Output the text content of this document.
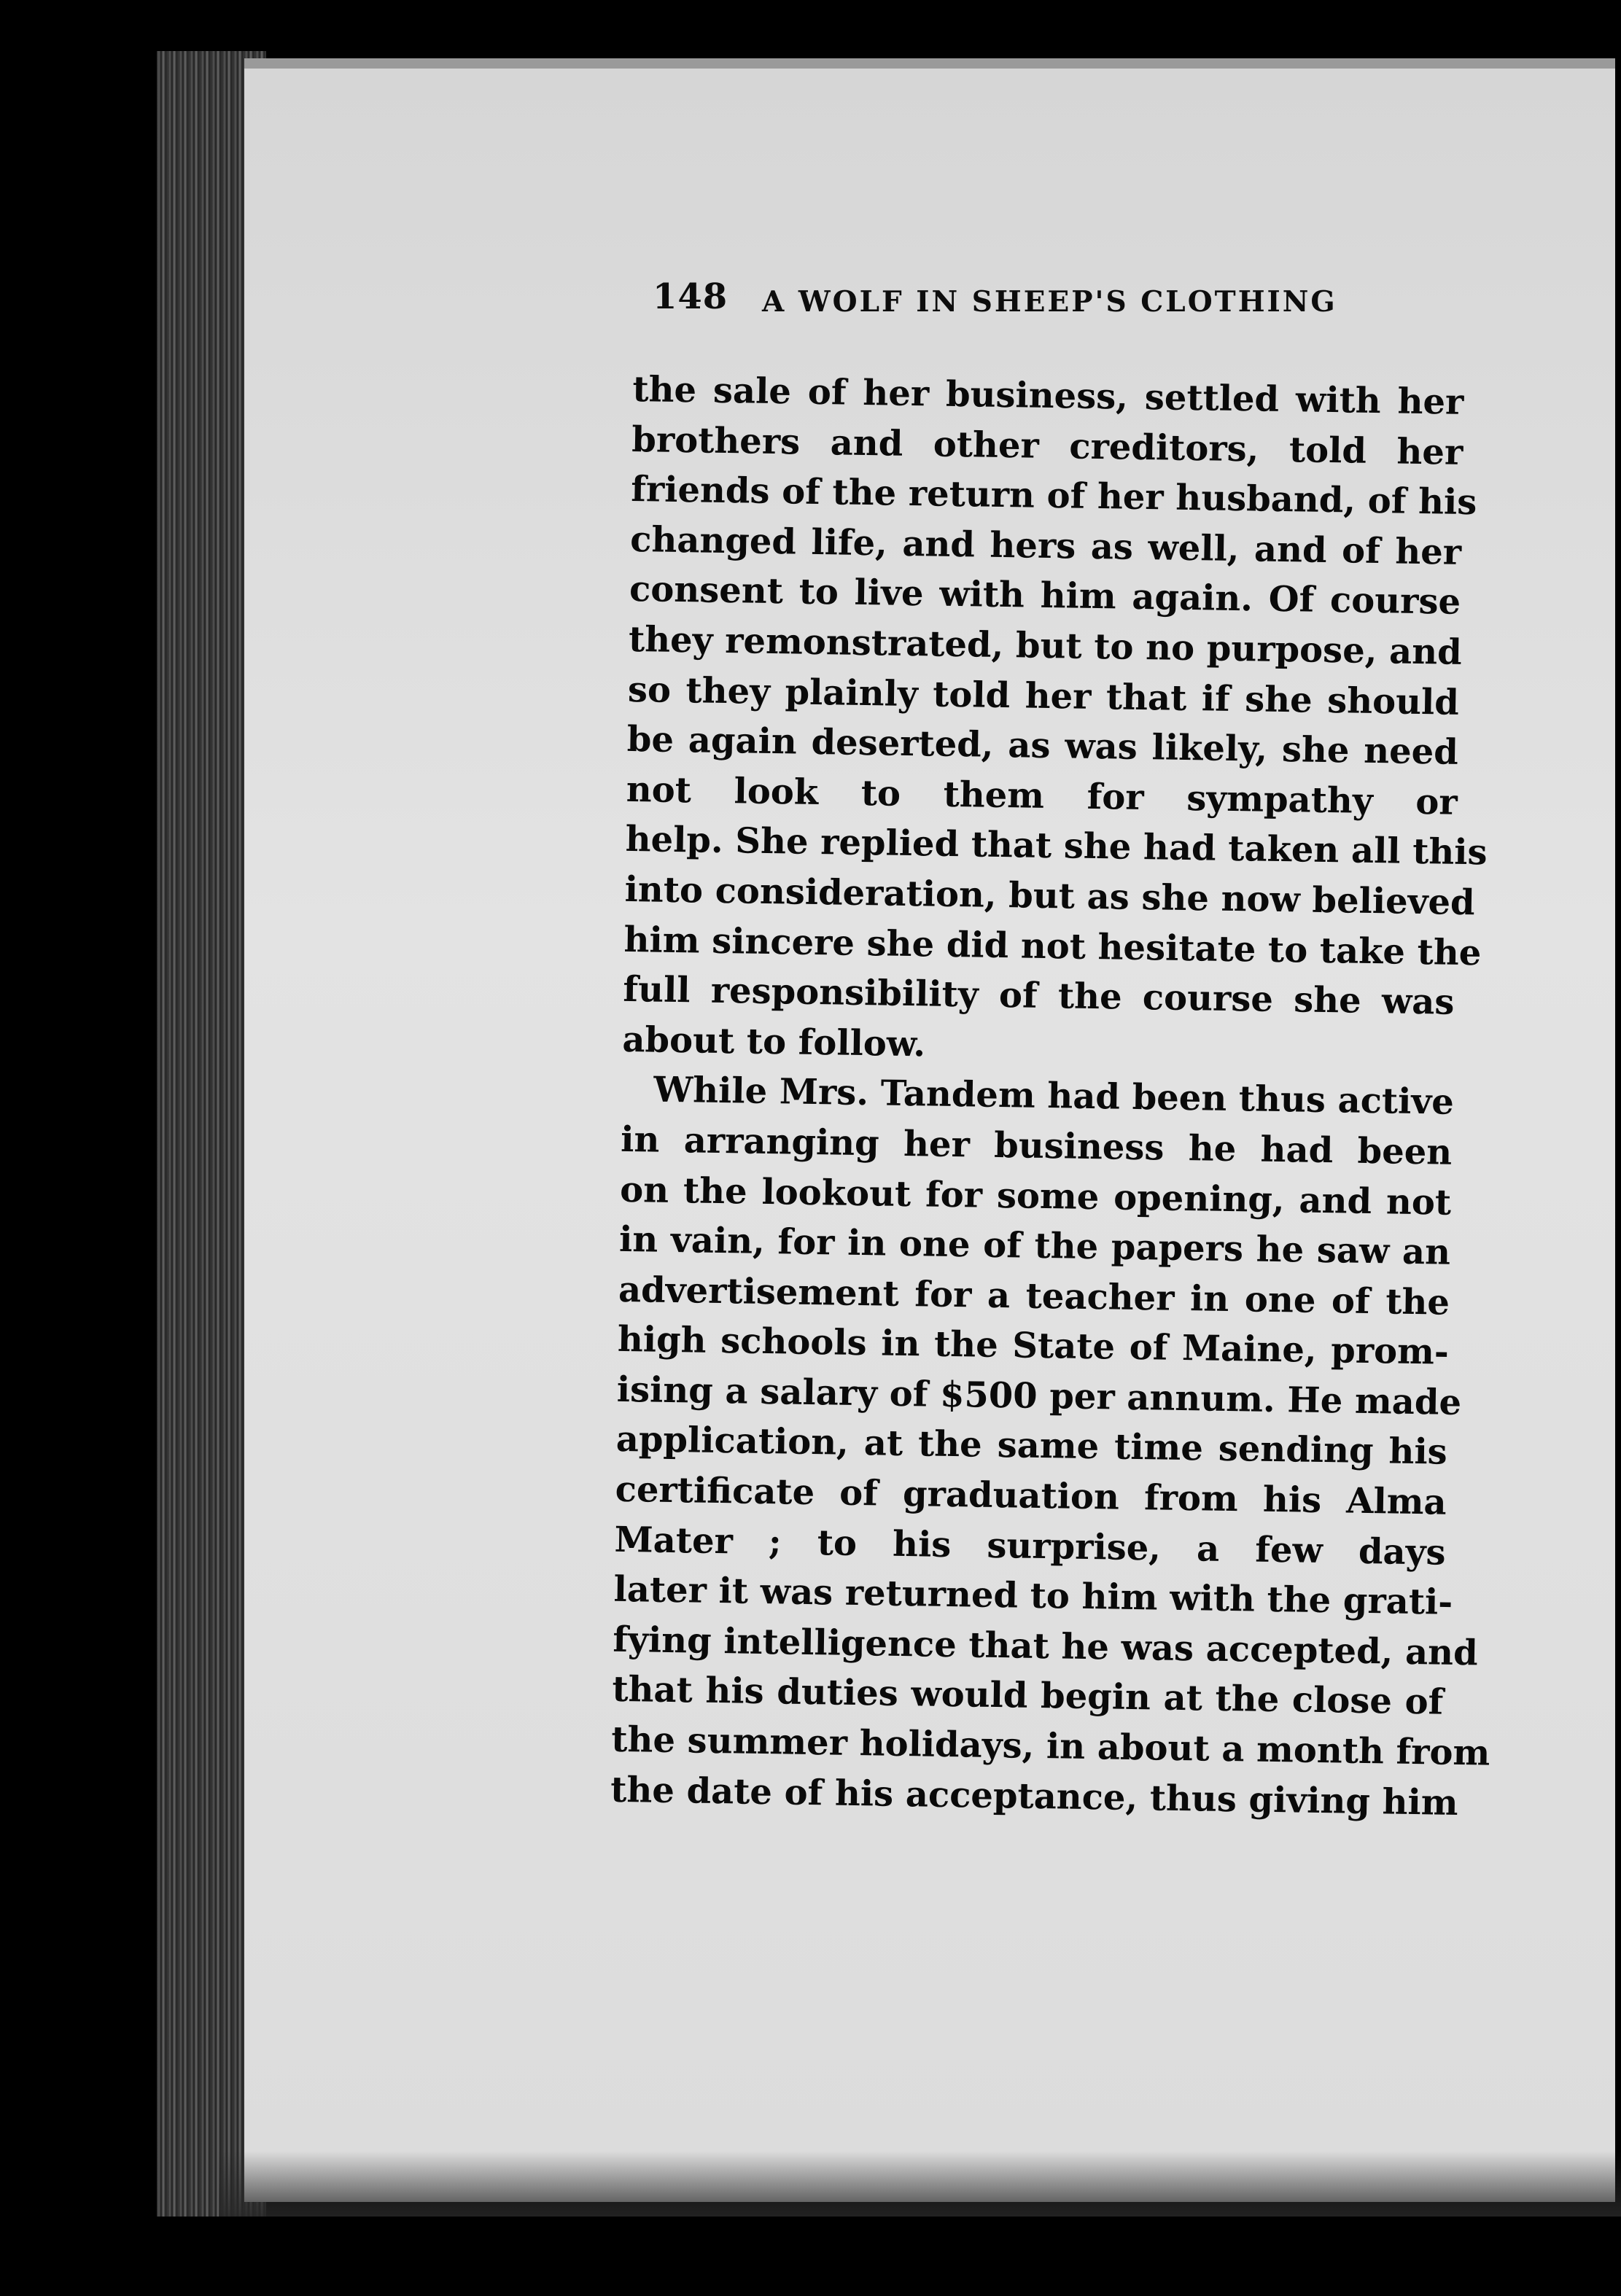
148 A WOLF IN SHEEP'S CLOTHING
the sale of her business, settled with her
brothers and other creditors, told her
friends of the return of her husband, of his
changed life, and hers as well, and of her
consent to live with him again. Of course
they remonstrated, but to no purpose, and
so they plainly told her that if she should
be again deserted, as was likely, she need
not look to them for sympathy or
help. She replied that she had taken all this
into consideration, but as she now believed
him sincere she did not hesitate to take the
full responsibility of the course she was
about to follow.
While Mrs. Tandem had been thus active
in arranging her business he had been
on the lookout for some opening, and not
in vain, for in one of the papers he saw an
advertisement for a teacher in one of the
high schools in the State of Maine, prom-
ising a salary of $500 per annum. He made
application, at the same time sending his
certificate of graduation from his Alma
Mater ; to his surprise, a few days
later it was returned to him with the grati-
fying intelligence that he was accepted, and
that his duties would begin at the close of
the summer holidays, in about a month from
the date of his acceptance, thus giving him
